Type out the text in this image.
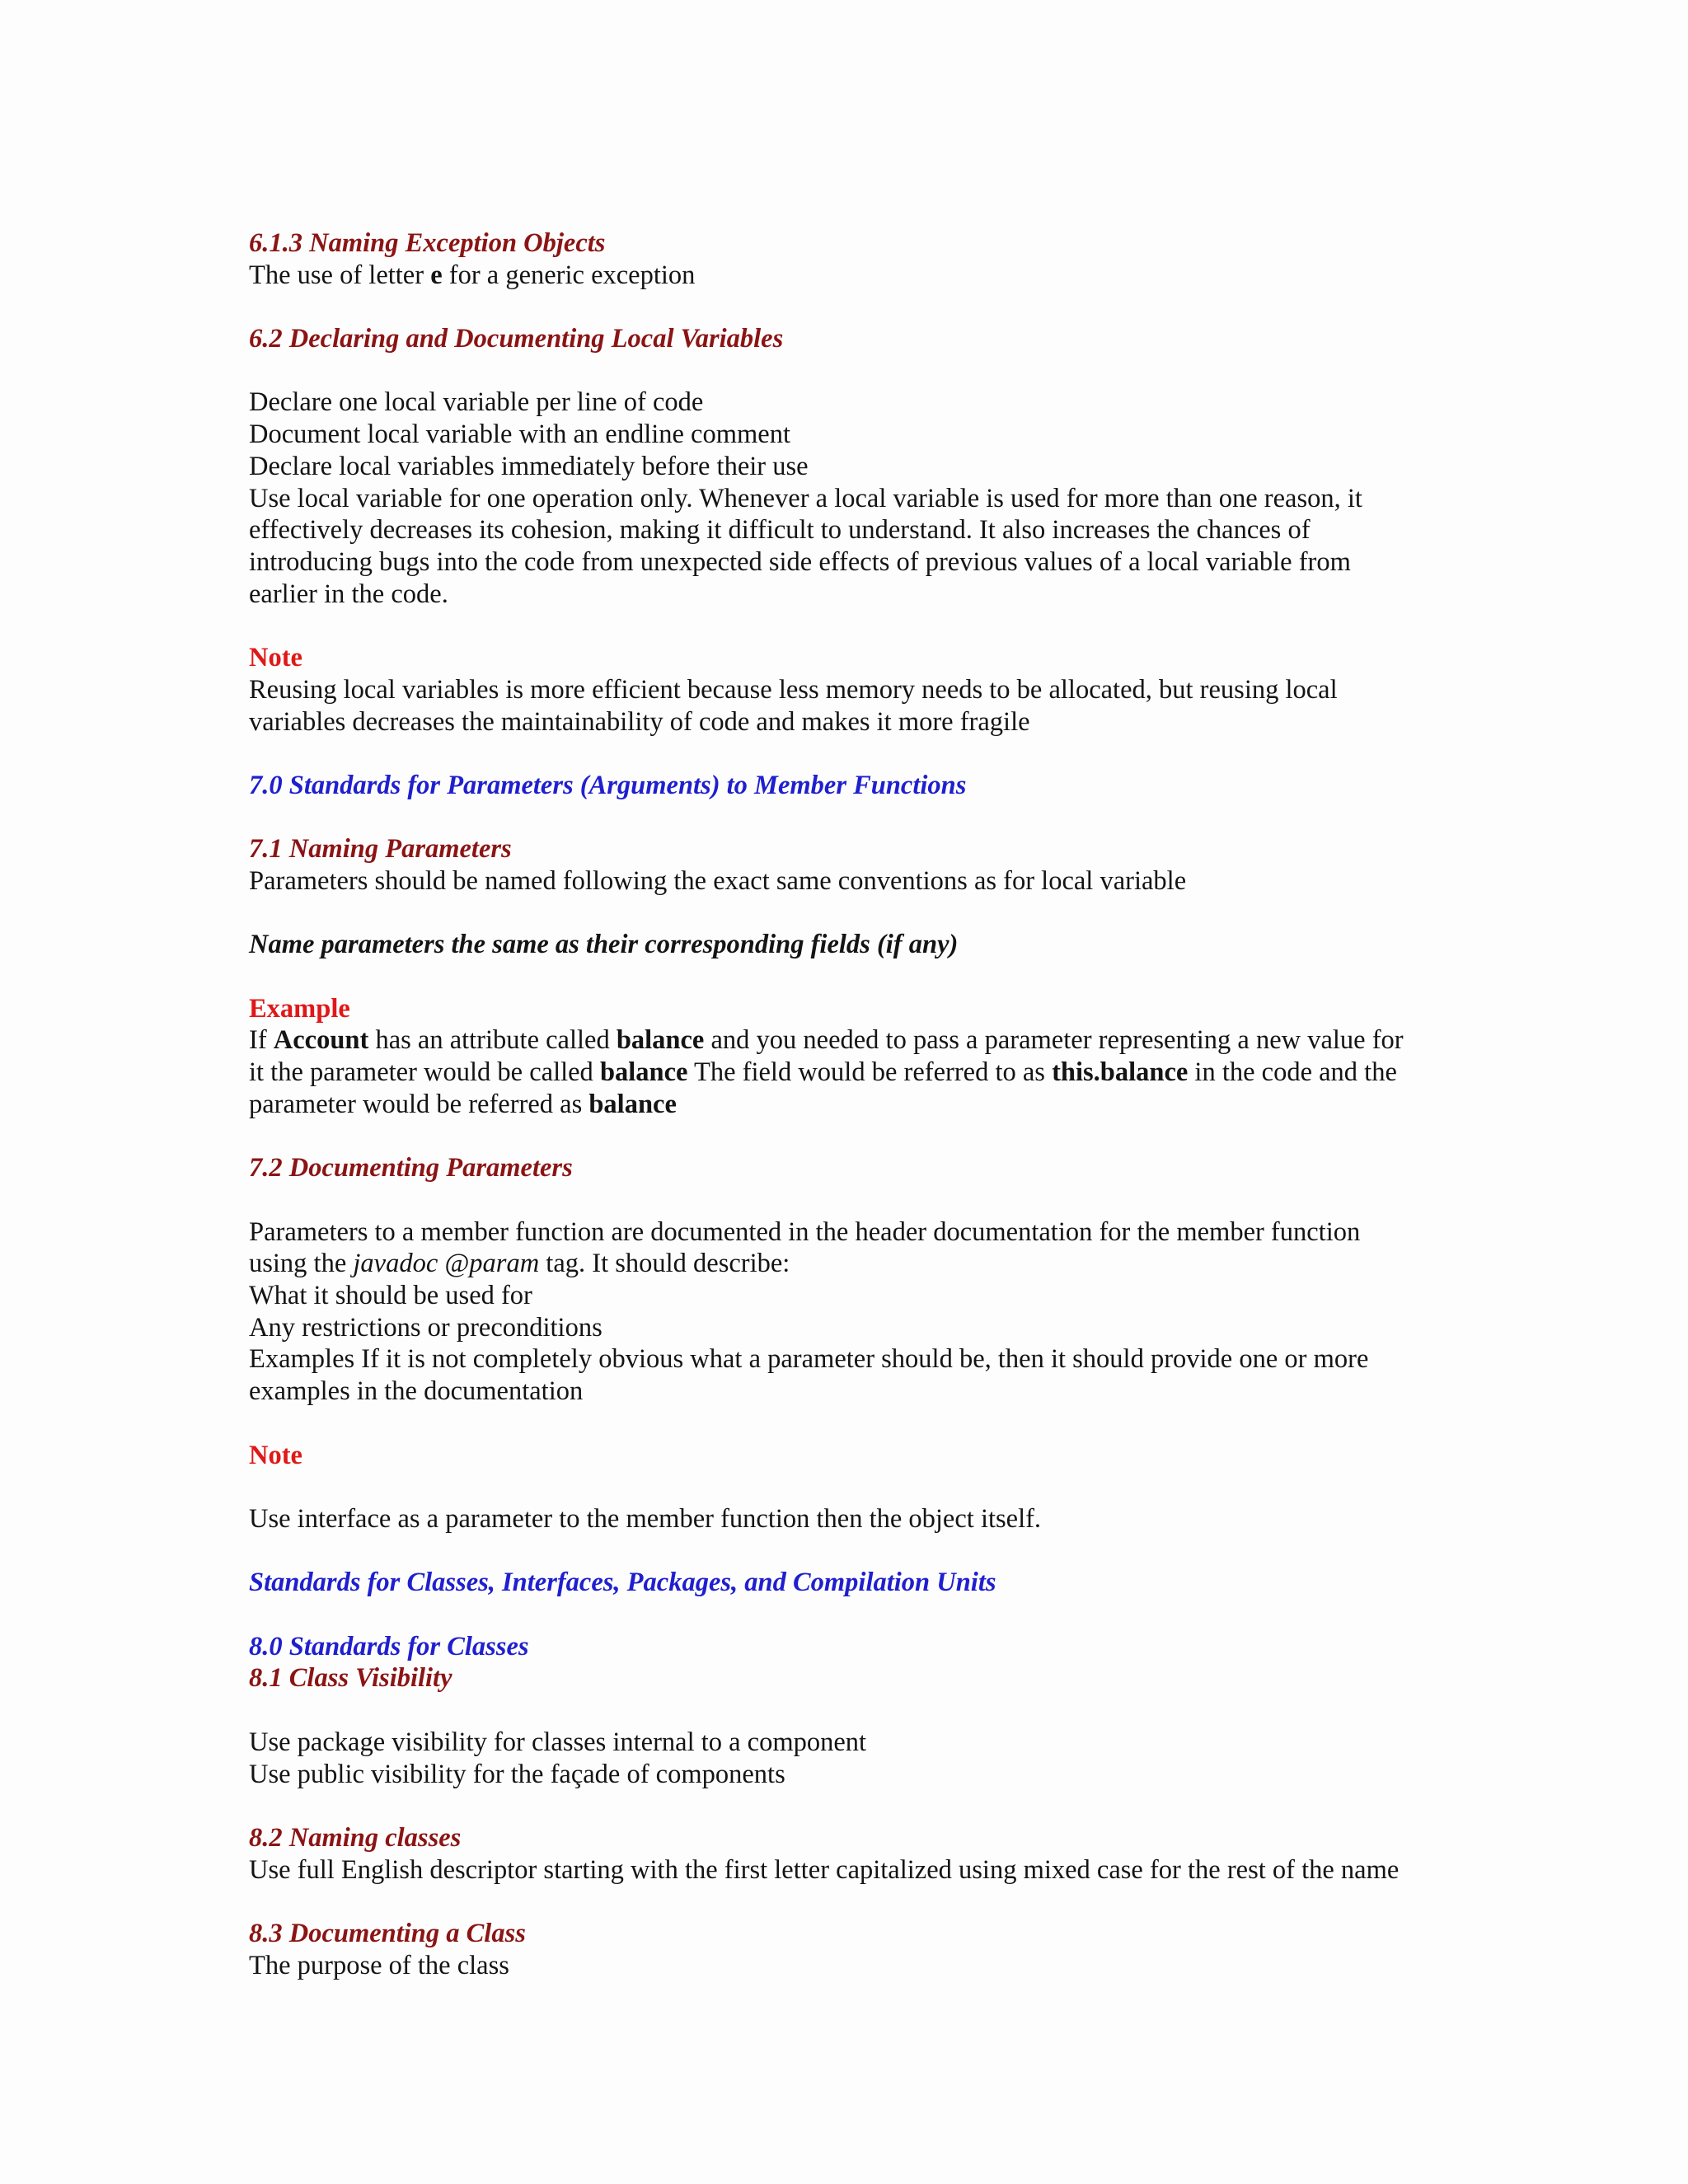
6.1.3 Naming Exception Objects
The use of letter e for a generic exception
6.2 Declaring and Documenting Local Variables
Declare one local variable per line of code
Document local variable with an endline comment
Declare local variables immediately before their use
Use local variable for one operation only. Whenever a local variable is used for more than one reason, it
effectively decreases its cohesion, making it difficult to understand. It also increases the chances of
introducing bugs into the code from unexpected side effects of previous values of a local variable from
earlier in the code.
Note
Reusing local variables is more efficient because less memory needs to be allocated, but reusing local
variables decreases the maintainability of code and makes it more fragile
7.0 Standards for Parameters (Arguments) to Member Functions
7.1 Naming Parameters
Parameters should be named following the exact same conventions as for local variable
Name parameters the same as their corresponding fields (if any)
Example
If Account has an attribute called balance and you needed to pass a parameter representing a new value for
it the parameter would be called balance The field would be referred to as this.balance in the code and the
parameter would be referred as balance
7.2 Documenting Parameters
Parameters to a member function are documented in the header documentation for the member function
using the javadoc @param tag. It should describe:
What it should be used for
Any restrictions or preconditions
Examples If it is not completely obvious what a parameter should be, then it should provide one or more
examples in the documentation
Note
Use interface as a parameter to the member function then the object itself.
Standards for Classes, Interfaces, Packages, and Compilation Units
8.0 Standards for Classes
8.1 Class Visibility
Use package visibility for classes internal to a component
Use public visibility for the façade of components
8.2 Naming classes
Use full English descriptor starting with the first letter capitalized using mixed case for the rest of the name
8.3 Documenting a Class
The purpose of the class
